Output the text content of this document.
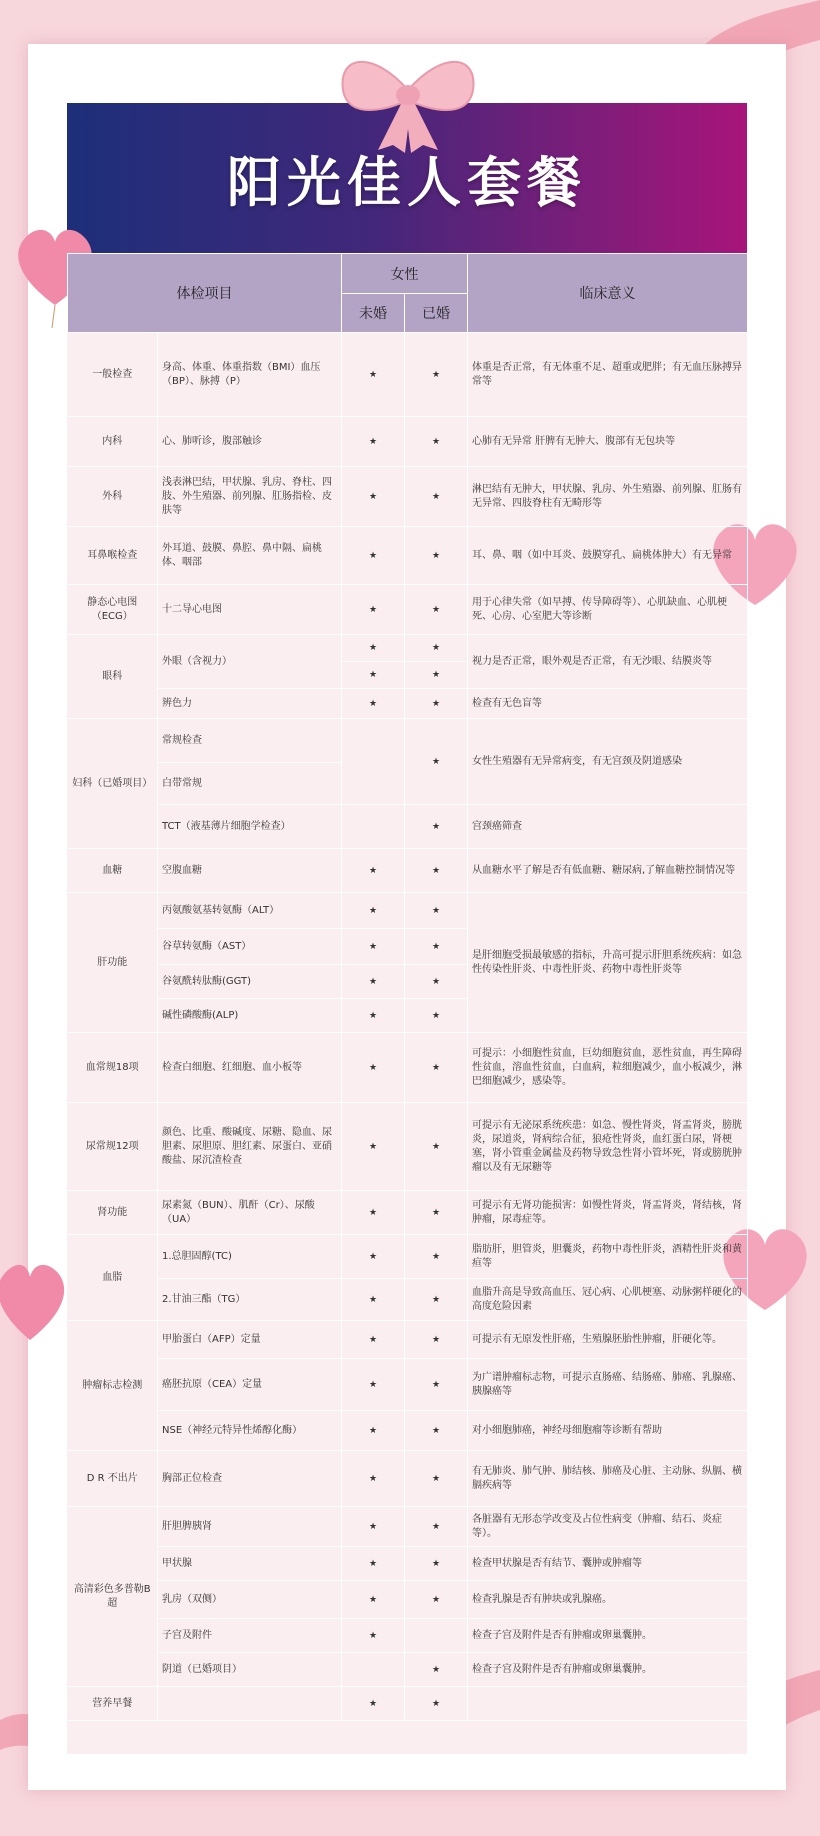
阳光佳人套餐
体检项目		女性		临床意义
		未婚	已婚	
一般检查	身高、体重、体重指数（BMI）血压（BP）、脉搏（P）	★	★	体重是否正常，有无体重不足、超重或肥胖；有无血压脉搏异常等
内科	心、肺听诊，腹部触诊	★	★	心肺有无异常 肝脾有无肿大、腹部有无包块等
外科	浅表淋巴结，甲状腺、乳房、脊柱、四肢、外生殖器、前列腺、肛肠指检、皮肤等	★	★	淋巴结有无肿大，甲状腺、乳房、外生殖器、前列腺、肛肠有无异常、四肢脊柱有无畸形等
耳鼻喉检查	外耳道、鼓膜、鼻腔、鼻中隔、扁桃体、咽部	★	★	耳、鼻、咽（如中耳炎、鼓膜穿孔、扁桃体肿大）有无异常
静态心电图（ECG）	十二导心电图	★	★	用于心律失常（如早搏、传导障碍等）、心肌缺血、心肌梗死、心房、心室肥大等诊断
眼科	外眼（含视力）	★	★	视力是否正常，眼外观是否正常，有无沙眼、结膜炎等
		★	★	
	辨色力	★	★	检查有无色盲等
妇科（已婚项目）	常规检查		★	女性生殖器有无异常病变，有无宫颈及阴道感染
	白带常规			
	TCT（液基薄片细胞学检查）		★	宫颈癌筛查
血糖	空腹血糖	★	★	从血糖水平了解是否有低血糖、糖尿病,了解血糖控制情况等
肝功能	丙氨酸氨基转氨酶（ALT）	★	★	是肝细胞受损最敏感的指标，升高可提示肝胆系统疾病：如急性传染性肝炎、中毒性肝炎、药物中毒性肝炎等
	谷草转氨酶（AST）	★	★	
	谷氨酰转肽酶(GGT)	★	★	
	碱性磷酸酶(ALP)	★	★	
血常规18项	检查白细胞、红细胞、血小板等	★	★	可提示：小细胞性贫血，巨幼细胞贫血，恶性贫血，再生障碍性贫血，溶血性贫血，白血病，粒细胞减少，血小板减少，淋巴细胞减少，感染等。
尿常规12项	颜色、比重、酸碱度、尿糖、隐血、尿胆素、尿胆原、胆红素、尿蛋白、亚硝酸盐、尿沉渣检查	★	★	可提示有无泌尿系统疾患：如急、慢性肾炎，肾盂肾炎，膀胱炎，尿道炎，肾病综合征，狼疮性肾炎，血红蛋白尿，肾梗塞，肾小管重金属盐及药物导致急性肾小管坏死，肾或膀胱肿瘤以及有无尿糖等
肾功能	尿素氮（BUN）、肌酐（Cr）、尿酸（UA）	★	★	可提示有无肾功能损害：如慢性肾炎，肾盂肾炎，肾结核，肾肿瘤，尿毒症等。
血脂	1.总胆固醇(TC)	★	★	脂肪肝，胆管炎，胆囊炎，药物中毒性肝炎，酒精性肝炎和黄疸等
	2.甘油三酯（TG）	★	★	血脂升高是导致高血压、冠心病、心肌梗塞、动脉粥样硬化的高度危险因素
肿瘤标志检测	甲胎蛋白（AFP）定量	★	★	可提示有无原发性肝癌，生殖腺胚胎性肿瘤，肝硬化等。
	癌胚抗原（CEA）定量	★	★	为广谱肿瘤标志物，可提示直肠癌、结肠癌、肺癌、乳腺癌、胰腺癌等
	NSE（神经元特异性烯醇化酶）	★	★	对小细胞肺癌，神经母细胞瘤等诊断有帮助
D R 不出片	胸部正位检查	★	★	有无肺炎、肺气肿、肺结核、肺癌及心脏、主动脉、纵膈、横膈疾病等
高清彩色多普勒B超	肝胆脾胰肾	★	★	各脏器有无形态学改变及占位性病变（肿瘤、结石、炎症等）。
	甲状腺	★	★	检查甲状腺是否有结节、囊肿或肿瘤等
	乳房（双侧）	★	★	检查乳腺是否有肿块或乳腺癌。
	子宫及附件	★		检查子宫及附件是否有肿瘤或卵巢囊肿。
	阴道（已婚项目）		★	检查子宫及附件是否有肿瘤或卵巢囊肿。
营养早餐		★	★	
